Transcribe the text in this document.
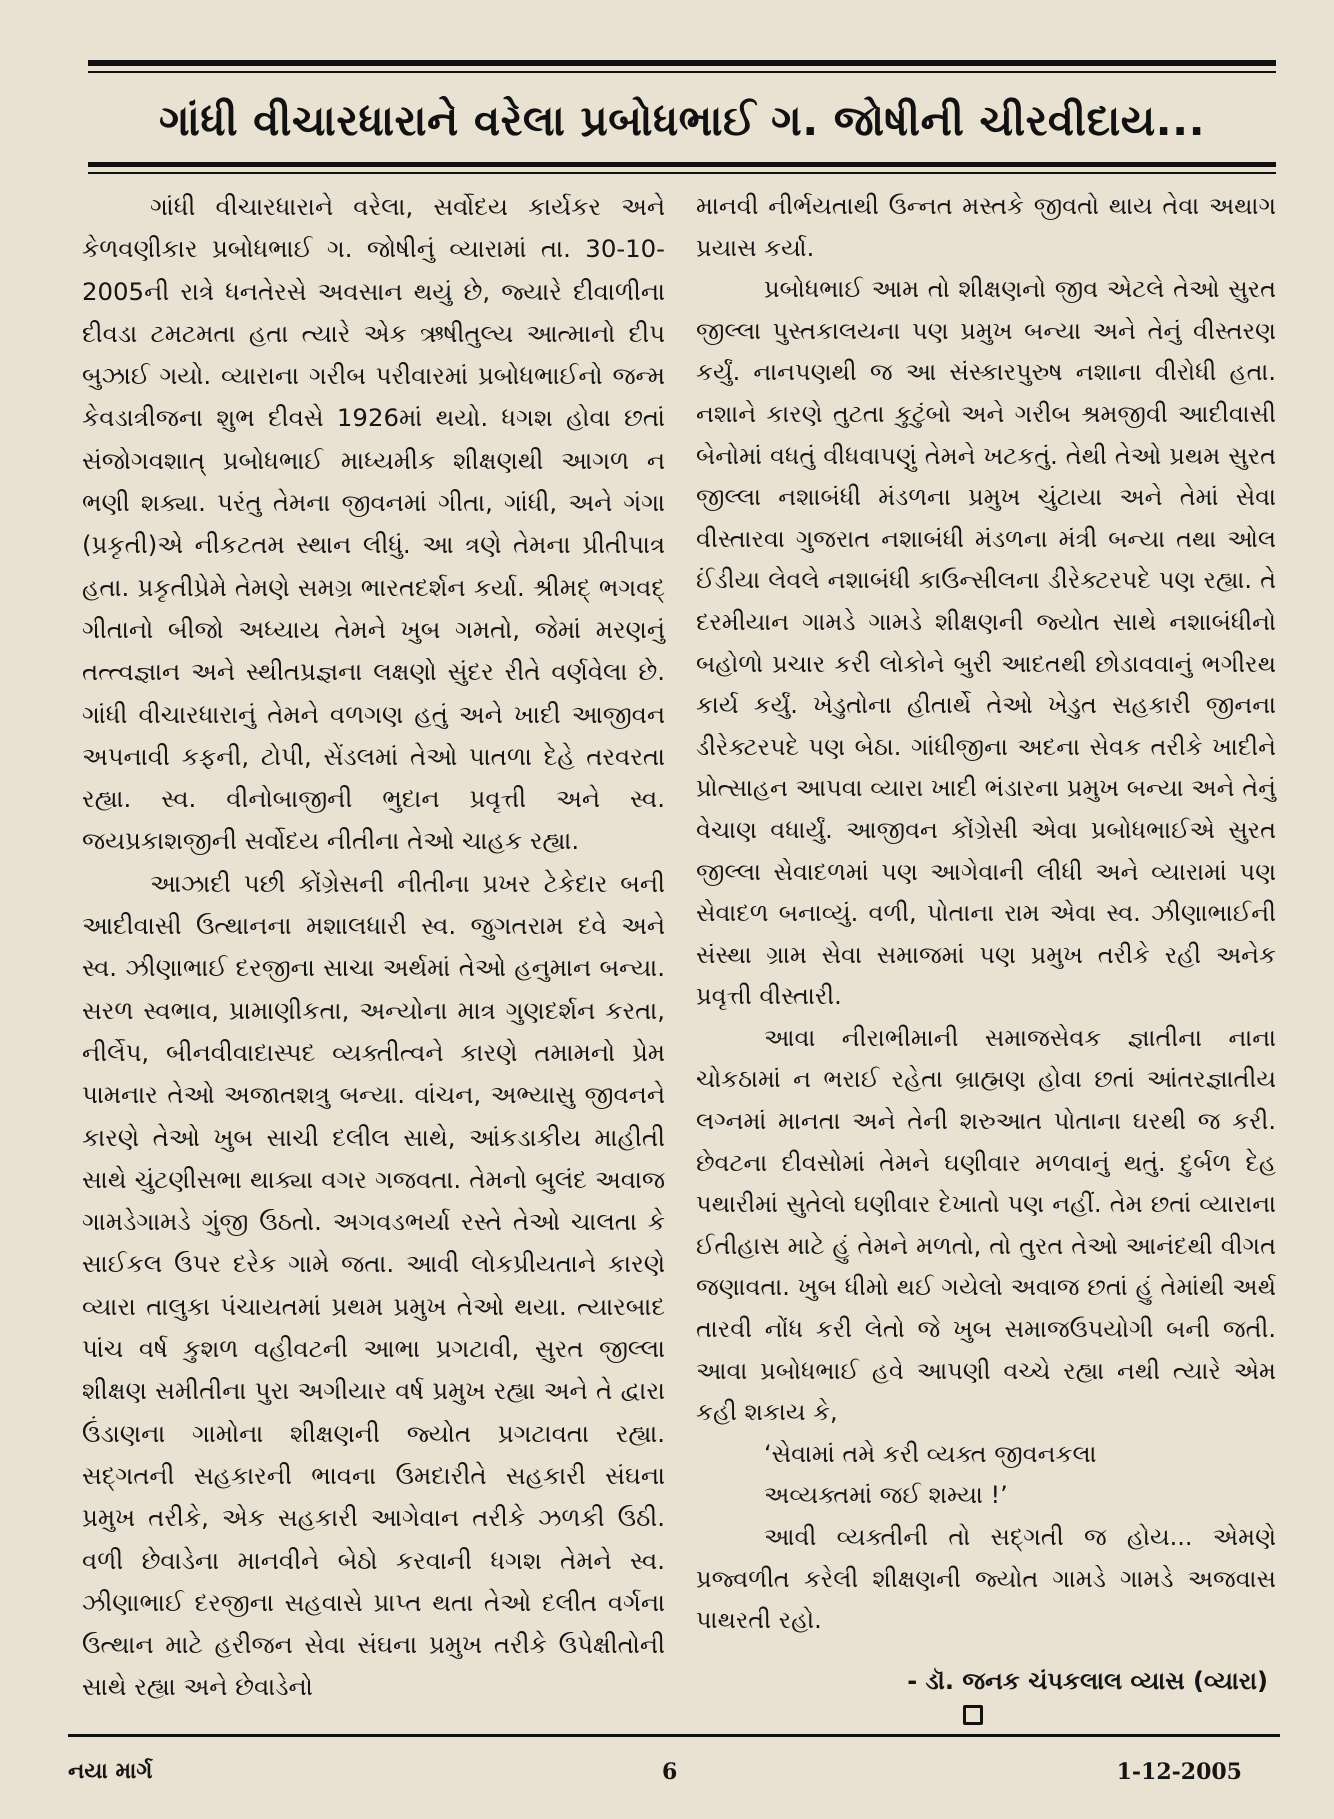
ગાંધી વીચારધારાને વરેલા પ્રબોધભાઈ ગ. જોષીની ચીરવીદાય...

ગાંધી વીચારધારાને વરેલા, સર્વોદય કાર્યકર અને કેળવણીકાર પ્રબોધભાઈ ગ. જોષીનું વ્યારામાં તા. 30-10-2005ની રાત્રે ધનતેરસે અવસાન થયું છે, જ્યારે દીવાળીના દીવડા ટમટમતા હતા ત્યારે એક ઋષીતુલ્ય આત્માનો દીપ બુઝાઈ ગયો. વ્યારાના ગરીબ પરીવારમાં પ્રબોધભાઈનો જન્મ કેવડાત્રીજના શુભ દીવસે 1926માં થયો. ધગશ હોવા છતાં સંજોગવશાત્ પ્રબોધભાઈ માધ્યમીક શીક્ષણથી આગળ ન ભણી શક્યા. પરંતુ તેમના જીવનમાં ગીતા, ગાંધી, અને ગંગા (પ્રકૃતી)એ નીકટતમ સ્થાન લીધું. આ ત્રણે તેમના પ્રીતીપાત્ર હતા. પ્રકૃતીપ્રેમે તેમણે સમગ્ર ભારતદર્શન કર્યા. શ્રીમદ્ ભગવદ્ ગીતાનો બીજો અધ્યાય તેમને ખુબ ગમતો, જેમાં મરણનું તત્ત્વજ્ઞાન અને સ્થીતપ્રજ્ઞના લક્ષણો સુંદર રીતે વર્ણવેલા છે. ગાંધી વીચારધારાનું તેમને વળગણ હતું અને ખાદી આજીવન અપનાવી કફની, ટોપી, સેંડલમાં તેઓ પાતળા દેહે તરવરતા રહ્યા. સ્વ. વીનોબાજીની ભુદાન પ્રવૃત્તી અને સ્વ. જયપ્રકાશજીની સર્વોદય નીતીના તેઓ ચાહક રહ્યા.

આઝાદી પછી કોંગ્રેસની નીતીના પ્રખર ટેકેદાર બની આદીવાસી ઉત્થાનના મશાલધારી સ્વ. જુગતરામ દવે અને સ્વ. ઝીણાભાઈ દરજીના સાચા અર્થમાં તેઓ હનુમાન બન્યા. સરળ સ્વભાવ, પ્રામાણીકતા, અન્યોના માત્ર ગુણદર્શન કરતા, નીર્લેપ, બીનવીવાદાસ્પદ વ્યક્તીત્વને કારણે તમામનો પ્રેમ પામનાર તેઓ અજાતશત્રુ બન્યા. વાંચન, અભ્યાસુ જીવનને કારણે તેઓ ખુબ સાચી દલીલ સાથે, આંકડાકીય માહીતી સાથે ચુંટણીસભા થાક્યા વગર ગજવતા. તેમનો બુલંદ અવાજ ગામડેગામડે ગુંજી ઉઠતો. અગવડભર્યા રસ્તે તેઓ ચાલતા કે સાઈકલ ઉપર દરેક ગામે જતા. આવી લોકપ્રીયતાને કારણે વ્યારા તાલુકા પંચાયતમાં પ્રથમ પ્રમુખ તેઓ થયા. ત્યારબાદ પાંચ વર્ષ કુશળ વહીવટની આભા પ્રગટાવી, સુરત જીલ્લા શીક્ષણ સમીતીના પુરા અગીયાર વર્ષ પ્રમુખ રહ્યા અને તે દ્વારા ઉંડાણના ગામોના શીક્ષણની જ્યોત પ્રગટાવતા રહ્યા. સદ્ગતની સહકારની ભાવના ઉમદારીતે સહકારી સંઘના પ્રમુખ તરીકે, એક સહકારી આગેવાન તરીકે ઝળકી ઉઠી. વળી છેવાડેના માનવીને બેઠો કરવાની ધગશ તેમને સ્વ. ઝીણાભાઈ દરજીના સહવાસે પ્રાપ્ત થતા તેઓ દલીત વર્ગના ઉત્થાન માટે હરીજન સેવા સંઘના પ્રમુખ તરીકે ઉપેક્ષીતોની સાથે રહ્યા અને છેવાડેનો

માનવી નીર્ભયતાથી ઉન્નત મસ્તકે જીવતો થાય તેવા અથાગ પ્રયાસ કર્યા.

પ્રબોધભાઈ આમ તો શીક્ષણનો જીવ એટલે તેઓ સુરત જીલ્લા પુસ્તકાલયના પણ પ્રમુખ બન્યા અને તેનું વીસ્તરણ કર્યું. નાનપણથી જ આ સંસ્કારપુરુષ નશાના વીરોધી હતા. નશાને કારણે તુટતા કુટુંબો અને ગરીબ શ્રમજીવી આદીવાસી બેનોમાં વધતું વીધવાપણું તેમને ખટકતું. તેથી તેઓ પ્રથમ સુરત જીલ્લા નશાબંધી મંડળના પ્રમુખ ચુંટાયા અને તેમાં સેવા વીસ્તારવા ગુજરાત નશાબંધી મંડળના મંત્રી બન્યા તથા ઓલ ઈંડીયા લેવલે નશાબંધી કાઉન્સીલના ડીરેક્ટરપદે પણ રહ્યા. તે દરમીયાન ગામડે ગામડે શીક્ષણની જ્યોત સાથે નશાબંધીનો બહોળો પ્રચાર કરી લોકોને બુરી આદતથી છોડાવવાનું ભગીરથ કાર્ય કર્યું. ખેડુતોના હીતાર્થે તેઓ ખેડુત સહકારી જીનના ડીરેક્ટરપદે પણ બેઠા. ગાંધીજીના અદના સેવક તરીકે ખાદીને પ્રોત્સાહન આપવા વ્યારા ખાદી ભંડારના પ્રમુખ બન્યા અને તેનું વેચાણ વધાર્યું. આજીવન કોંગ્રેસી એવા પ્રબોધભાઈએ સુરત જીલ્લા સેવાદળમાં પણ આગેવાની લીધી અને વ્યારામાં પણ સેવાદળ બનાવ્યું. વળી, પોતાના રામ એવા સ્વ. ઝીણાભાઈની સંસ્થા ગ્રામ સેવા સમાજમાં પણ પ્રમુખ તરીકે રહી અનેક પ્રવૃત્તી વીસ્તારી.

આવા નીરાભીમાની સમાજસેવક જ્ઞાતીના નાના ચોકઠામાં ન ભરાઈ રહેતા બ્રાહ્મણ હોવા છતાં આંતરજ્ઞાતીય લગ્નમાં માનતા અને તેની શરુઆત પોતાના ઘરથી જ કરી. છેવટના દીવસોમાં તેમને ઘણીવાર મળવાનું થતું. દુર્બળ દેહ પથારીમાં સુતેલો ઘણીવાર દેખાતો પણ નહીં. તેમ છતાં વ્યારાના ઈતીહાસ માટે હું તેમને મળતો, તો તુરત તેઓ આનંદથી વીગત જણાવતા. ખુબ ધીમો થઈ ગયેલો અવાજ છતાં હું તેમાંથી અર્થ તારવી નોંધ કરી લેતો જે ખુબ સમાજઉપયોગી બની જતી. આવા પ્રબોધભાઈ હવે આપણી વચ્ચે રહ્યા નથી ત્યારે એમ કહી શકાય કે,

‘સેવામાં તમે કરી વ્યક્ત જીવનકલા

અવ્યક્તમાં જઈ શમ્યા !’

આવી વ્યક્તીની તો સદ્ગતી જ હોય... એમણે પ્રજ્વળીત કરેલી શીક્ષણની જ્યોત ગામડે ગામડે અજવાસ પાથરતી રહો.

- ડૉ. જનક ચંપકલાલ વ્યાસ (વ્યારા)
નયા માર્ગ	6	1-12-2005
